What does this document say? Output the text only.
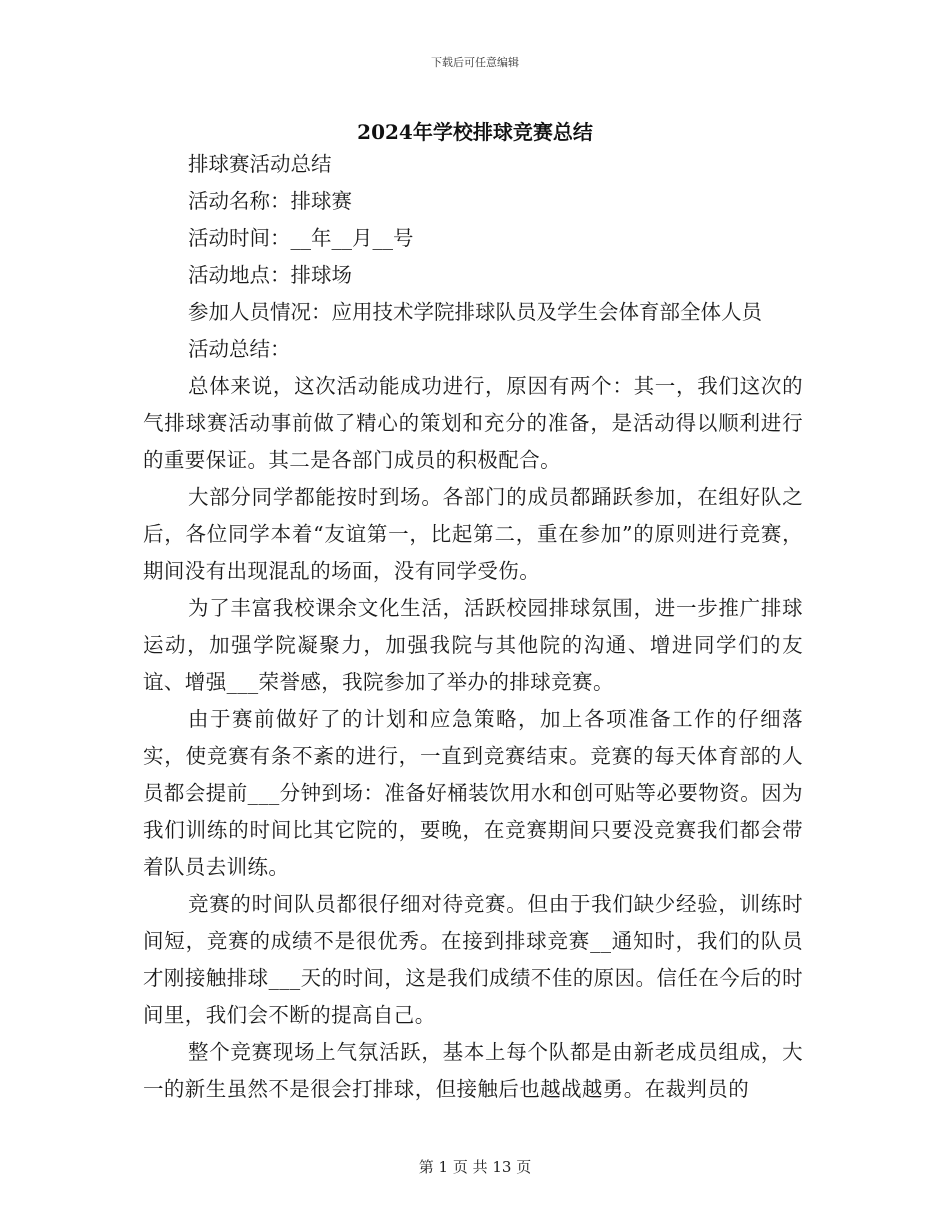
下载后可任意编辑
2024年学校排球竞赛总结

排球赛活动总结

活动名称：排球赛

活动时间：__年__月__号

活动地点：排球场

参加人员情况：应用技术学院排球队员及学生会体育部全体人员

活动总结：

总体来说，这次活动能成功进行，原因有两个：其一，我们这次的气排球赛活动事前做了精心的策划和充分的准备，是活动得以顺利进行的重要保证。其二是各部门成员的积极配合。

大部分同学都能按时到场。各部门的成员都踊跃参加，在组好队之后，各位同学本着“友谊第一，比起第二，重在参加”的原则进行竞赛，期间没有出现混乱的场面，没有同学受伤。

为了丰富我校课余文化生活，活跃校园排球氛围，进一步推广排球运动，加强学院凝聚力，加强我院与其他院的沟通、增进同学们的友谊、增强___荣誉感，我院参加了举办的排球竞赛。

由于赛前做好了的计划和应急策略，加上各项准备工作的仔细落实，使竞赛有条不紊的进行，一直到竞赛结束。竞赛的每天体育部的人员都会提前___分钟到场：准备好桶装饮用水和创可贴等必要物资。因为我们训练的时间比其它院的，要晚，在竞赛期间只要没竞赛我们都会带着队员去训练。

竞赛的时间队员都很仔细对待竞赛。但由于我们缺少经验，训练时间短，竞赛的成绩不是很优秀。在接到排球竞赛__通知时，我们的队员才刚接触排球___天的时间，这是我们成绩不佳的原因。信任在今后的时间里，我们会不断的提高自己。

整个竞赛现场上气氛活跃，基本上每个队都是由新老成员组成，大一的新生虽然不是很会打排球，但接触后也越战越勇。在裁判员的

第 1 页 共 13 页
